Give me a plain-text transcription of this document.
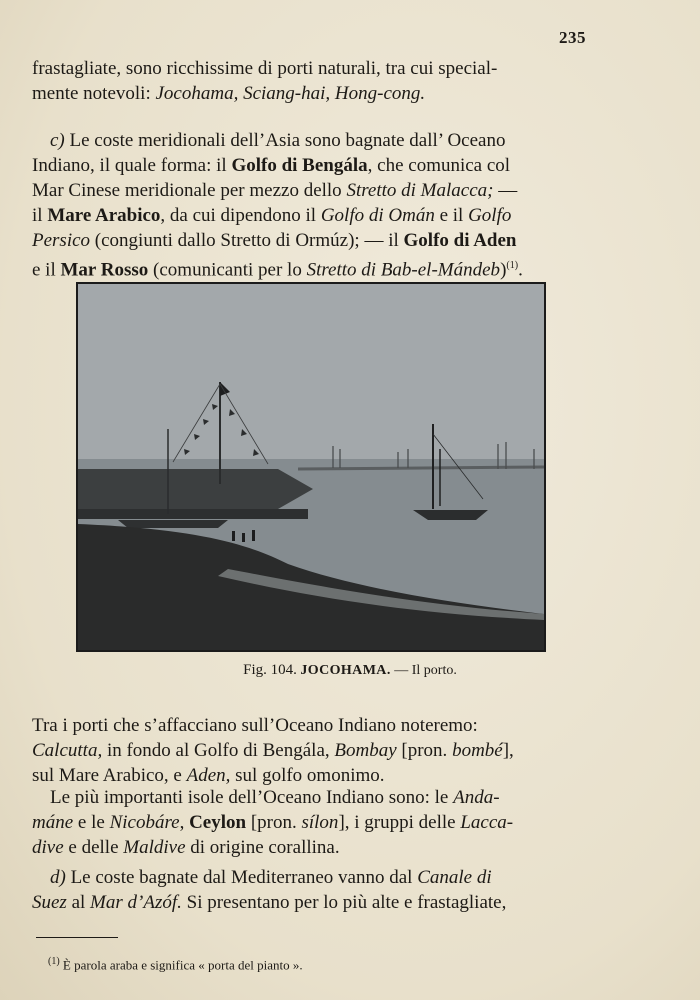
235
frastagliate, sono ricchissime di porti naturali, tra cui special-
mente notevoli: Jocohama, Sciang-hai, Hong-cong.
c) Le coste meridionali dell’Asia sono bagnate dall’ Oceano
Indiano, il quale forma: il Golfo di Bengála, che comunica col
Mar Cinese meridionale per mezzo dello Stretto di Malacca; —
il Mare Arabico, da cui dipendono il Golfo di Omán e il Golfo
Persico (congiunti dallo Stretto di Ormúz); — il Golfo di Aden
e il Mar Rosso (comunicanti per lo Stretto di Bab-el-Mándeb)$^{(1)}$.
Fig. 104. JOCOHAMA. — Il porto.
Tra i porti che s’affacciano sull’Oceano Indiano noteremo:
Calcutta, in fondo al Golfo di Bengála, Bombay [pron. bombé],
sul Mare Arabico, e Aden, sul golfo omonimo.
Le più importanti isole dell’Oceano Indiano sono: le Anda-
máne e le Nicobáre, Ceylon [pron. sílon], i gruppi delle Lacca-
dive e delle Maldive di origine corallina.
d) Le coste bagnate dal Mediterraneo vanno dal Canale di
Suez al Mar d’Azóf. Si presentano per lo più alte e frastagliate,
$^{(1)}$ È parola araba e significa « porta del pianto ».
